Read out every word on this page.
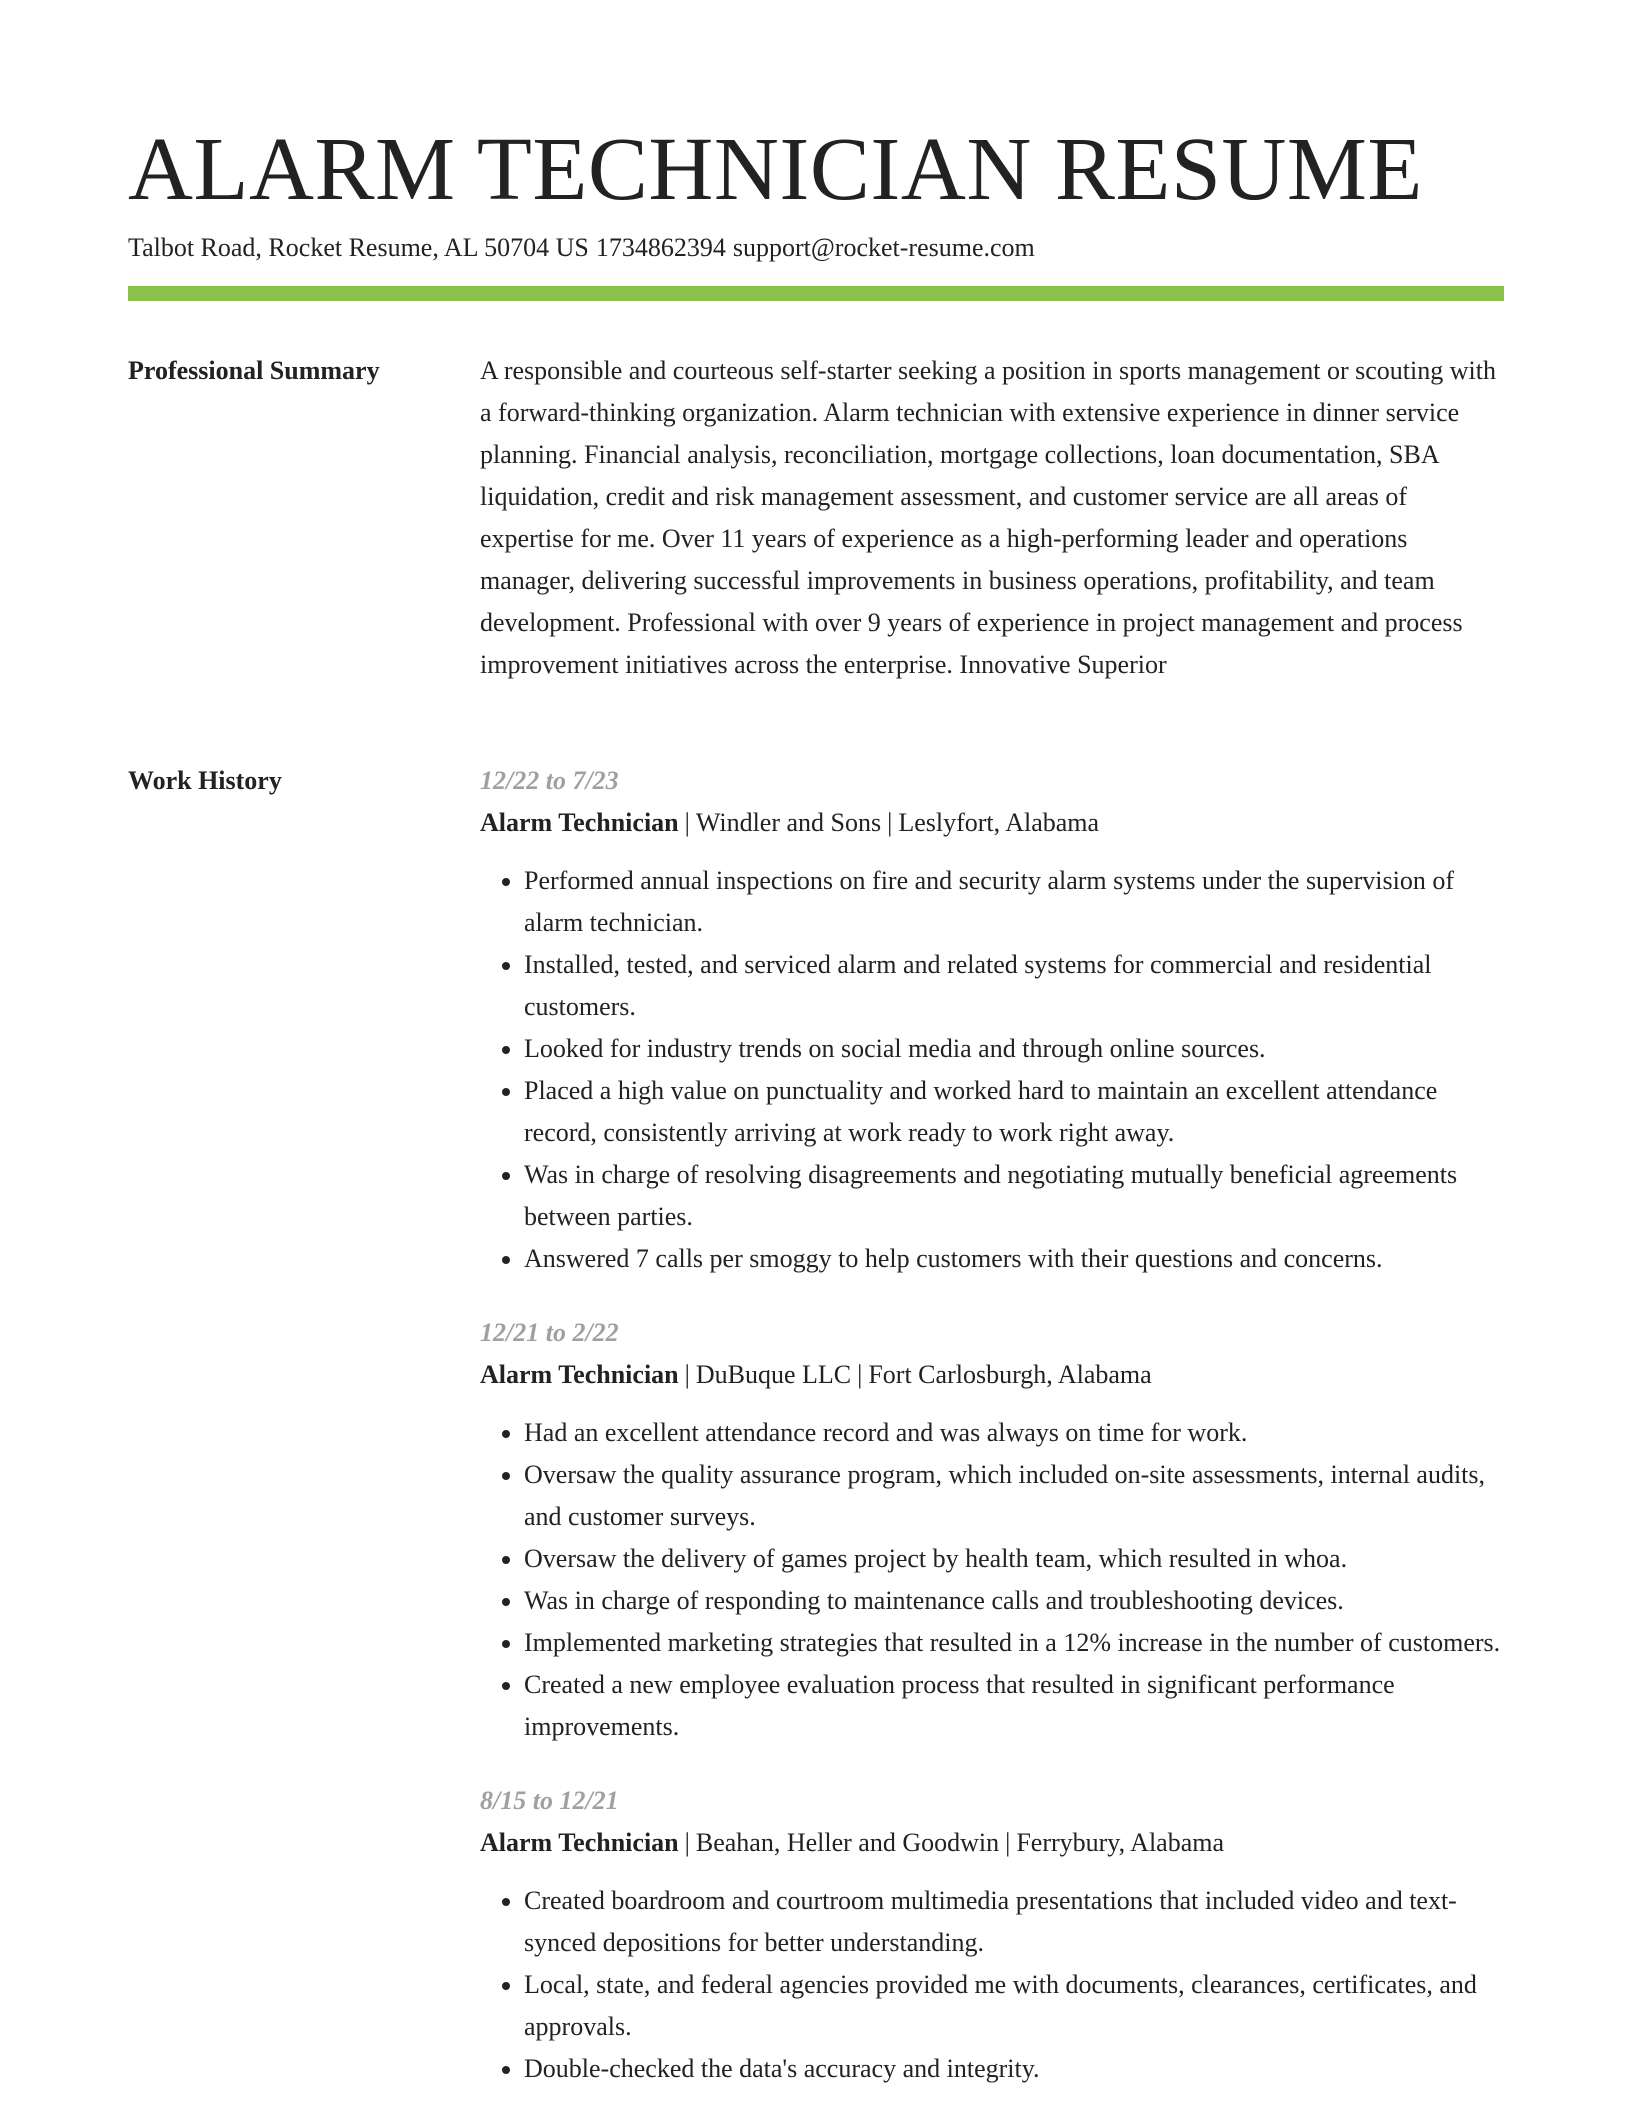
ALARM TECHNICIAN RESUME
Talbot Road, Rocket Resume, AL 50704 US 1734862394 support@rocket-resume.com
Professional Summary	A responsible and courteous self-starter seeking a position in sports management or scouting with a forward-thinking organization. Alarm technician with extensive experience in dinner service planning. Financial analysis, reconciliation, mortgage collections, loan documentation, SBA liquidation, credit and risk management assessment, and customer service are all areas of expertise for me. Over 11 years of experience as a high-performing leader and operations manager, delivering successful improvements in business operations, profitability, and team development. Professional with over 9 years of experience in project management and process improvement initiatives across the enterprise. Innovative Superior

Work History	12/22 to 7/23
Alarm Technician | Windler and Sons | Leslyfort, Alabama
• Performed annual inspections on fire and security alarm systems under the supervision of alarm technician.
• Installed, tested, and serviced alarm and related systems for commercial and residential customers.
• Looked for industry trends on social media and through online sources.
• Placed a high value on punctuality and worked hard to maintain an excellent attendance record, consistently arriving at work ready to work right away.
• Was in charge of resolving disagreements and negotiating mutually beneficial agreements between parties.
• Answered 7 calls per smoggy to help customers with their questions and concerns.
12/21 to 2/22
Alarm Technician | DuBuque LLC | Fort Carlosburgh, Alabama
• Had an excellent attendance record and was always on time for work.
• Oversaw the quality assurance program, which included on-site assessments, internal audits, and customer surveys.
• Oversaw the delivery of games project by health team, which resulted in whoa.
• Was in charge of responding to maintenance calls and troubleshooting devices.
• Implemented marketing strategies that resulted in a 12% increase in the number of customers.
• Created a new employee evaluation process that resulted in significant performance improvements.
8/15 to 12/21
Alarm Technician | Beahan, Heller and Goodwin | Ferrybury, Alabama
• Created boardroom and courtroom multimedia presentations that included video and text-synced depositions for better understanding.
• Local, state, and federal agencies provided me with documents, clearances, certificates, and approvals.
• Double-checked the data's accuracy and integrity.
